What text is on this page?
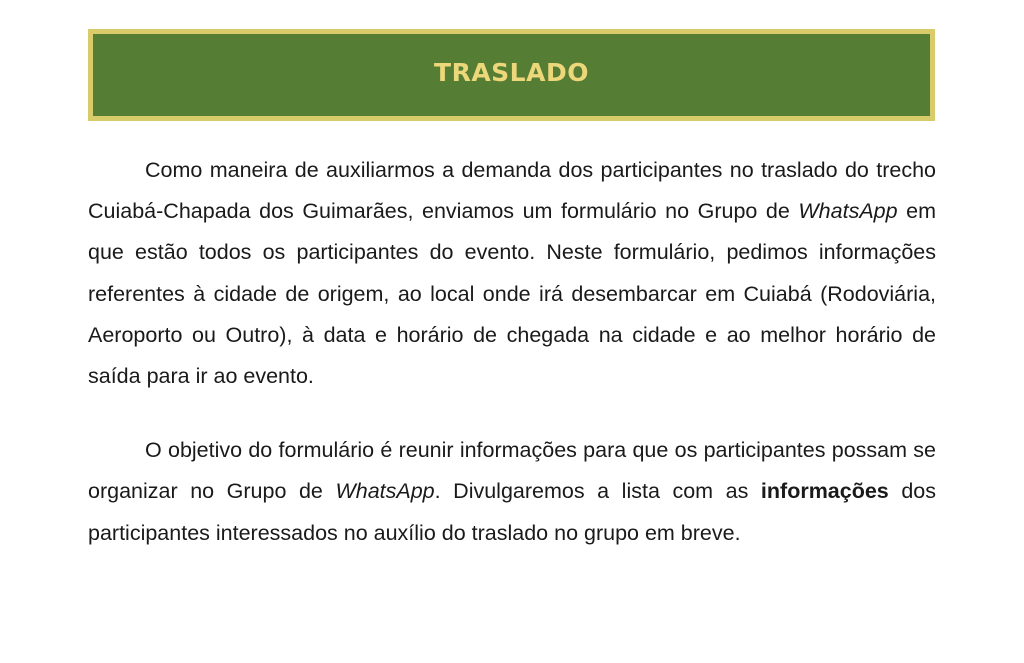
TRASLADO

Como maneira de auxiliarmos a demanda dos participantes no traslado do trecho Cuiabá-Chapada dos Guimarães, enviamos um formulário no Grupo de WhatsApp em que estão todos os participantes do evento. Neste formulário, pedimos informações referentes à cidade de origem, ao local onde irá desembarcar em Cuiabá (Rodoviária, Aeroporto ou Outro), à data e horário de chegada na cidade e ao melhor horário de saída para ir ao evento.

O objetivo do formulário é reunir informações para que os participantes possam se organizar no Grupo de WhatsApp. Divulgaremos a lista com as informações dos participantes interessados no auxílio do traslado no grupo em breve.
